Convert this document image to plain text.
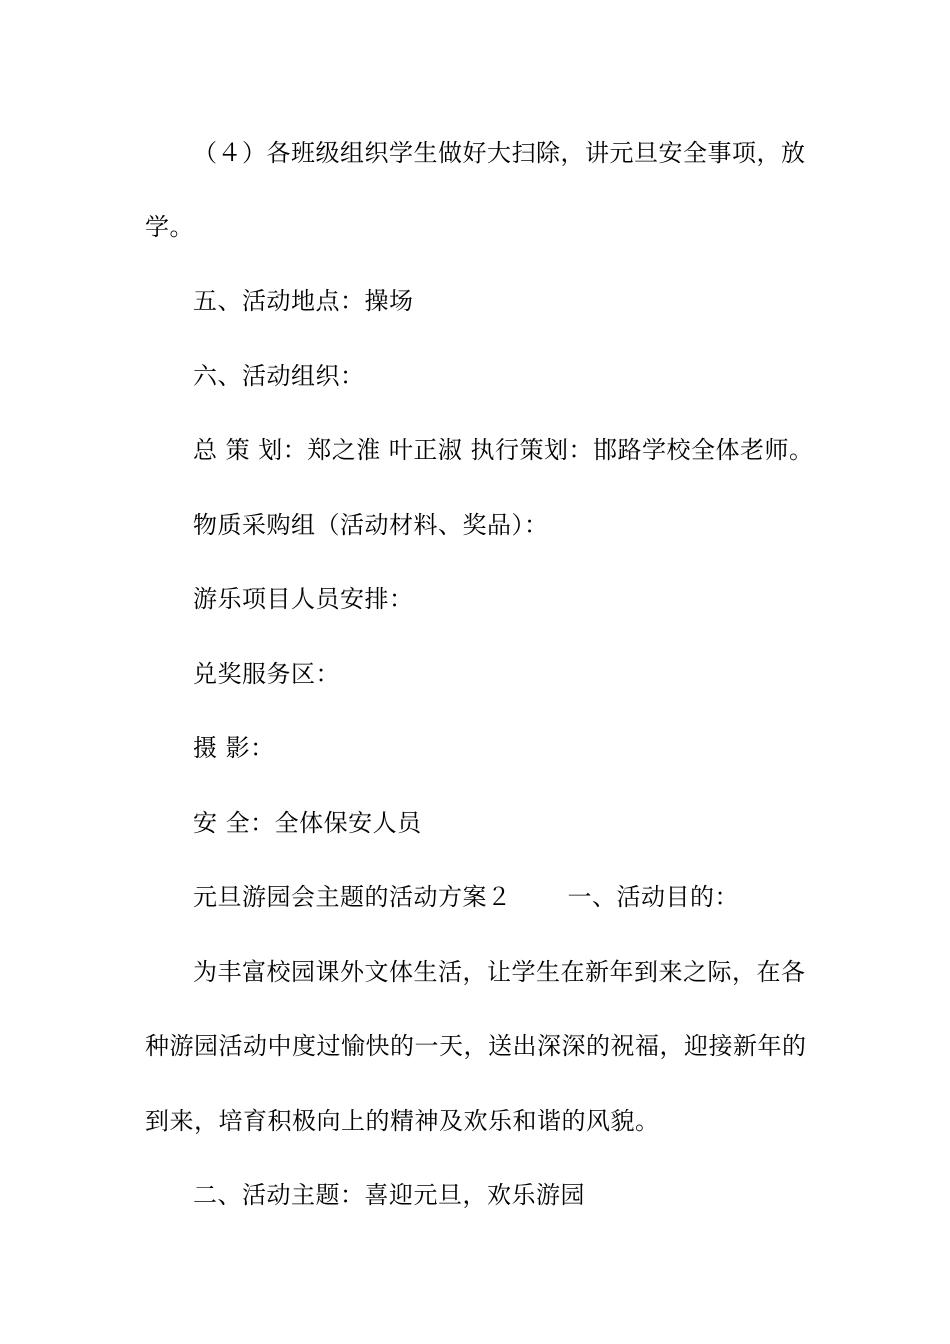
（４）各班级组织学生做好大扫除，讲元旦安全事项，放
学。
五、活动地点：操场
六、活动组织：
总 策 划：郑之淮 叶正淑 执行策划：邯路学校全体老师。
物质采购组（活动材料、奖品）：
游乐项目人员安排：
兑奖服务区：
摄 影：
安 全：全体保安人员
元旦游园会主题的活动方案２ 一、活动目的：
为丰富校园课外文体生活，让学生在新年到来之际，在各
种游园活动中度过愉快的一天，送出深深的祝福，迎接新年的
到来，培育积极向上的精神及欢乐和谐的风貌。
二、活动主题：喜迎元旦，欢乐游园
